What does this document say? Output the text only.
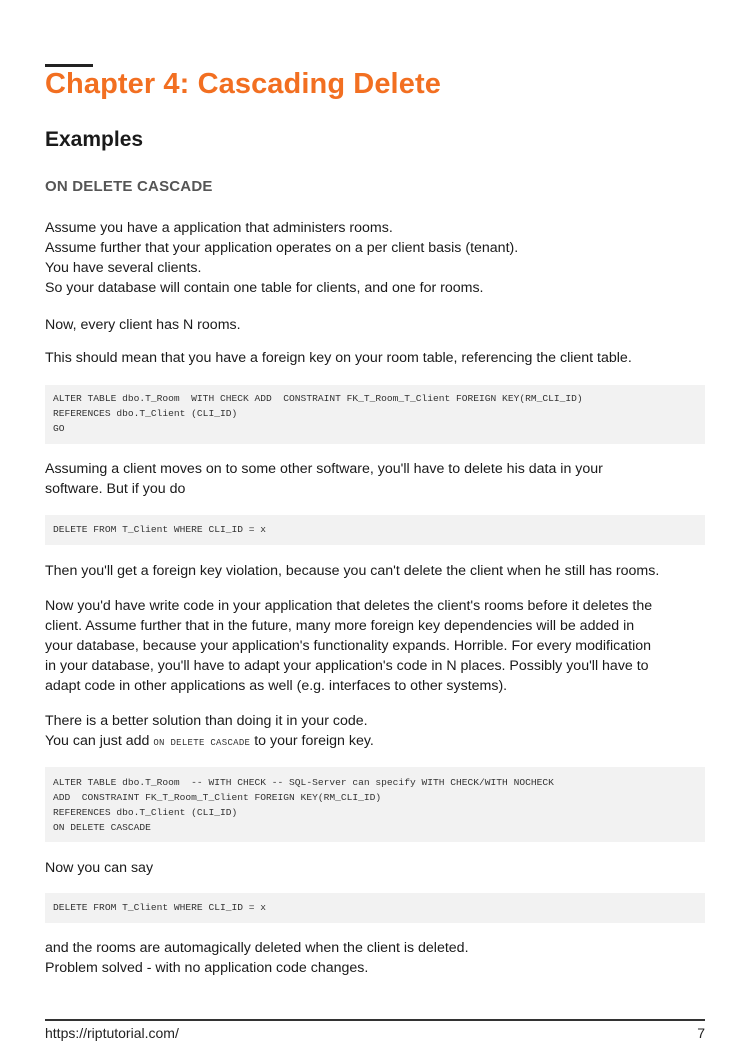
Chapter 4: Cascading Delete
Examples
ON DELETE CASCADE
Assume you have a application that administers rooms.
Assume further that your application operates on a per client basis (tenant).
You have several clients.
So your database will contain one table for clients, and one for rooms.
Now, every client has N rooms.
This should mean that you have a foreign key on your room table, referencing the client table.
ALTER TABLE dbo.T_Room  WITH CHECK ADD  CONSTRAINT FK_T_Room_T_Client FOREIGN KEY(RM_CLI_ID)
REFERENCES dbo.T_Client (CLI_ID)
GO
Assuming a client moves on to some other software, you'll have to delete his data in your
software. But if you do
DELETE FROM T_Client WHERE CLI_ID = x
Then you'll get a foreign key violation, because you can't delete the client when he still has rooms.
Now you'd have write code in your application that deletes the client's rooms before it deletes the
client. Assume further that in the future, many more foreign key dependencies will be added in
your database, because your application's functionality expands. Horrible. For every modification
in your database, you'll have to adapt your application's code in N places. Possibly you'll have to
adapt code in other applications as well (e.g. interfaces to other systems).
There is a better solution than doing it in your code.
You can just add ON DELETE CASCADE to your foreign key.
ALTER TABLE dbo.T_Room  -- WITH CHECK -- SQL-Server can specify WITH CHECK/WITH NOCHECK
ADD  CONSTRAINT FK_T_Room_T_Client FOREIGN KEY(RM_CLI_ID)
REFERENCES dbo.T_Client (CLI_ID)
ON DELETE CASCADE
Now you can say
DELETE FROM T_Client WHERE CLI_ID = x
and the rooms are automagically deleted when the client is deleted.
Problem solved - with no application code changes.
https://riptutorial.com/	7
